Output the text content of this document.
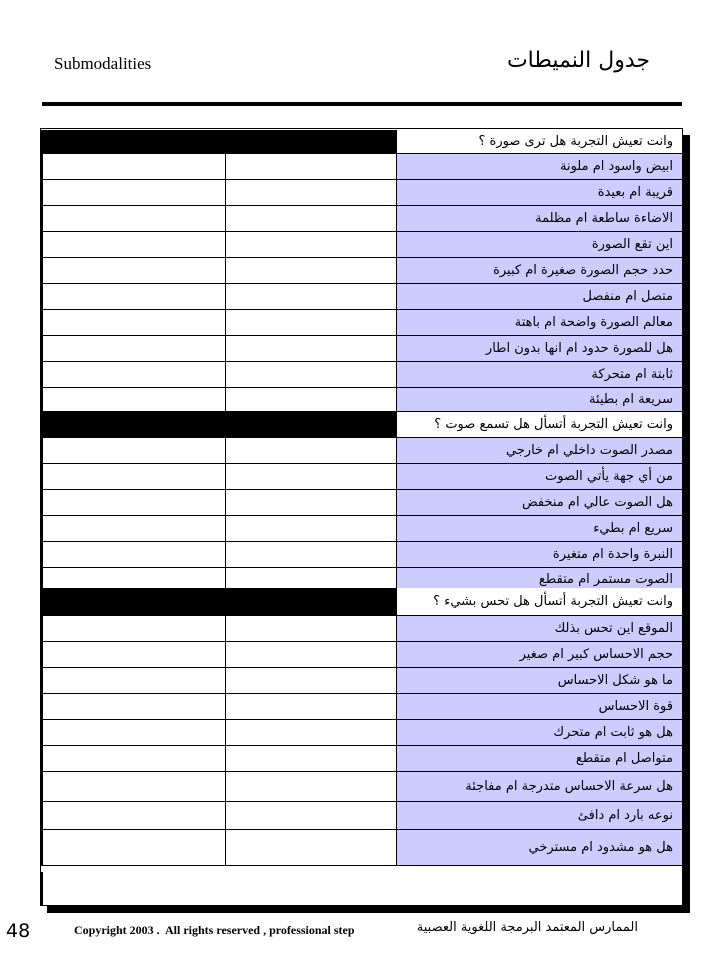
Submodalities	جدول النميطات
وانت تعيش التجربة هل ترى صورة ؟
ابيض واسود ام ملونة
قريبة ام بعيدة
الاضاءة ساطعة ام مظلمة
اين تقع الصورة
حدد حجم الصورة صغيرة ام كبيرة
متصل ام منفصل
معالم الصورة واضحة ام باهتة
هل للصورة حدود ام انها بدون اطار
ثابتة ام متحركة
سريعة ام بطيئة
وانت تعيش التجربة أتسأل هل تسمع صوت ؟
مصدر الصوت داخلي ام خارجي
من أي جهة يأتي الصوت
هل الصوت عالي ام منخفض
سريع ام بطيء
النبرة واحدة ام متغيرة
الصوت مستمر ام متقطع
وانت تعيش التجربة أتسأل هل تحس بشيء ؟
الموقع اين تحس بذلك
حجم الاحساس كبير ام صغير
ما هو شكل الاحساس
قوة الاحساس
هل هو ثابت ام متحرك
متواصل ام متقطع
هل سرعة الاحساس متدرجة ام مفاجئة
نوعه بارد ام دافئ
هل هو مشدود ام مسترخي
48	Copyright 2003 .  All rights reserved , professional step	الممارس المعتمد البرمجة اللغوية العصبية
